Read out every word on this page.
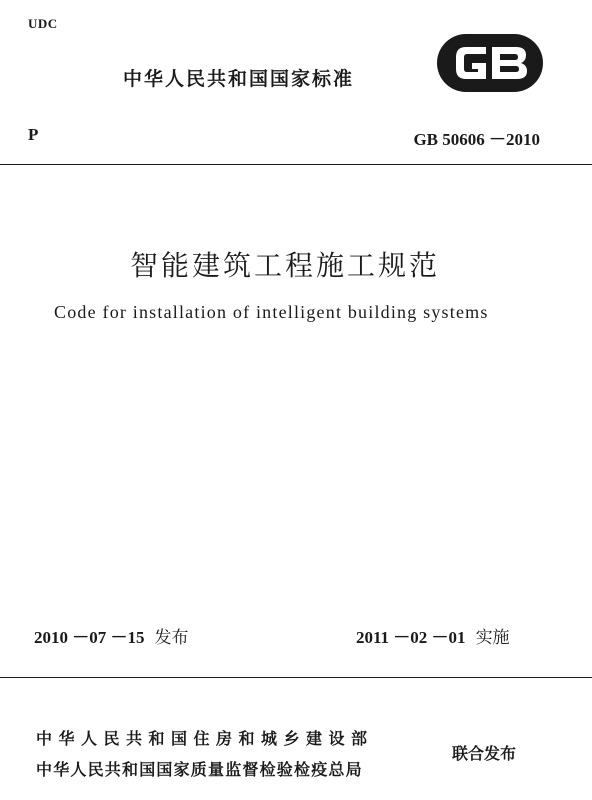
UDC
中华人民共和国国家标准
P	GB 50606 －2010
智能建筑工程施工规范
Code for installation of intelligent building systems
2010 －07 －15 发布	2011 －02 －01 实施
中华人民共和国住房和城乡建设部
中华人民共和国国家质量监督检验检疫总局
联合发布
